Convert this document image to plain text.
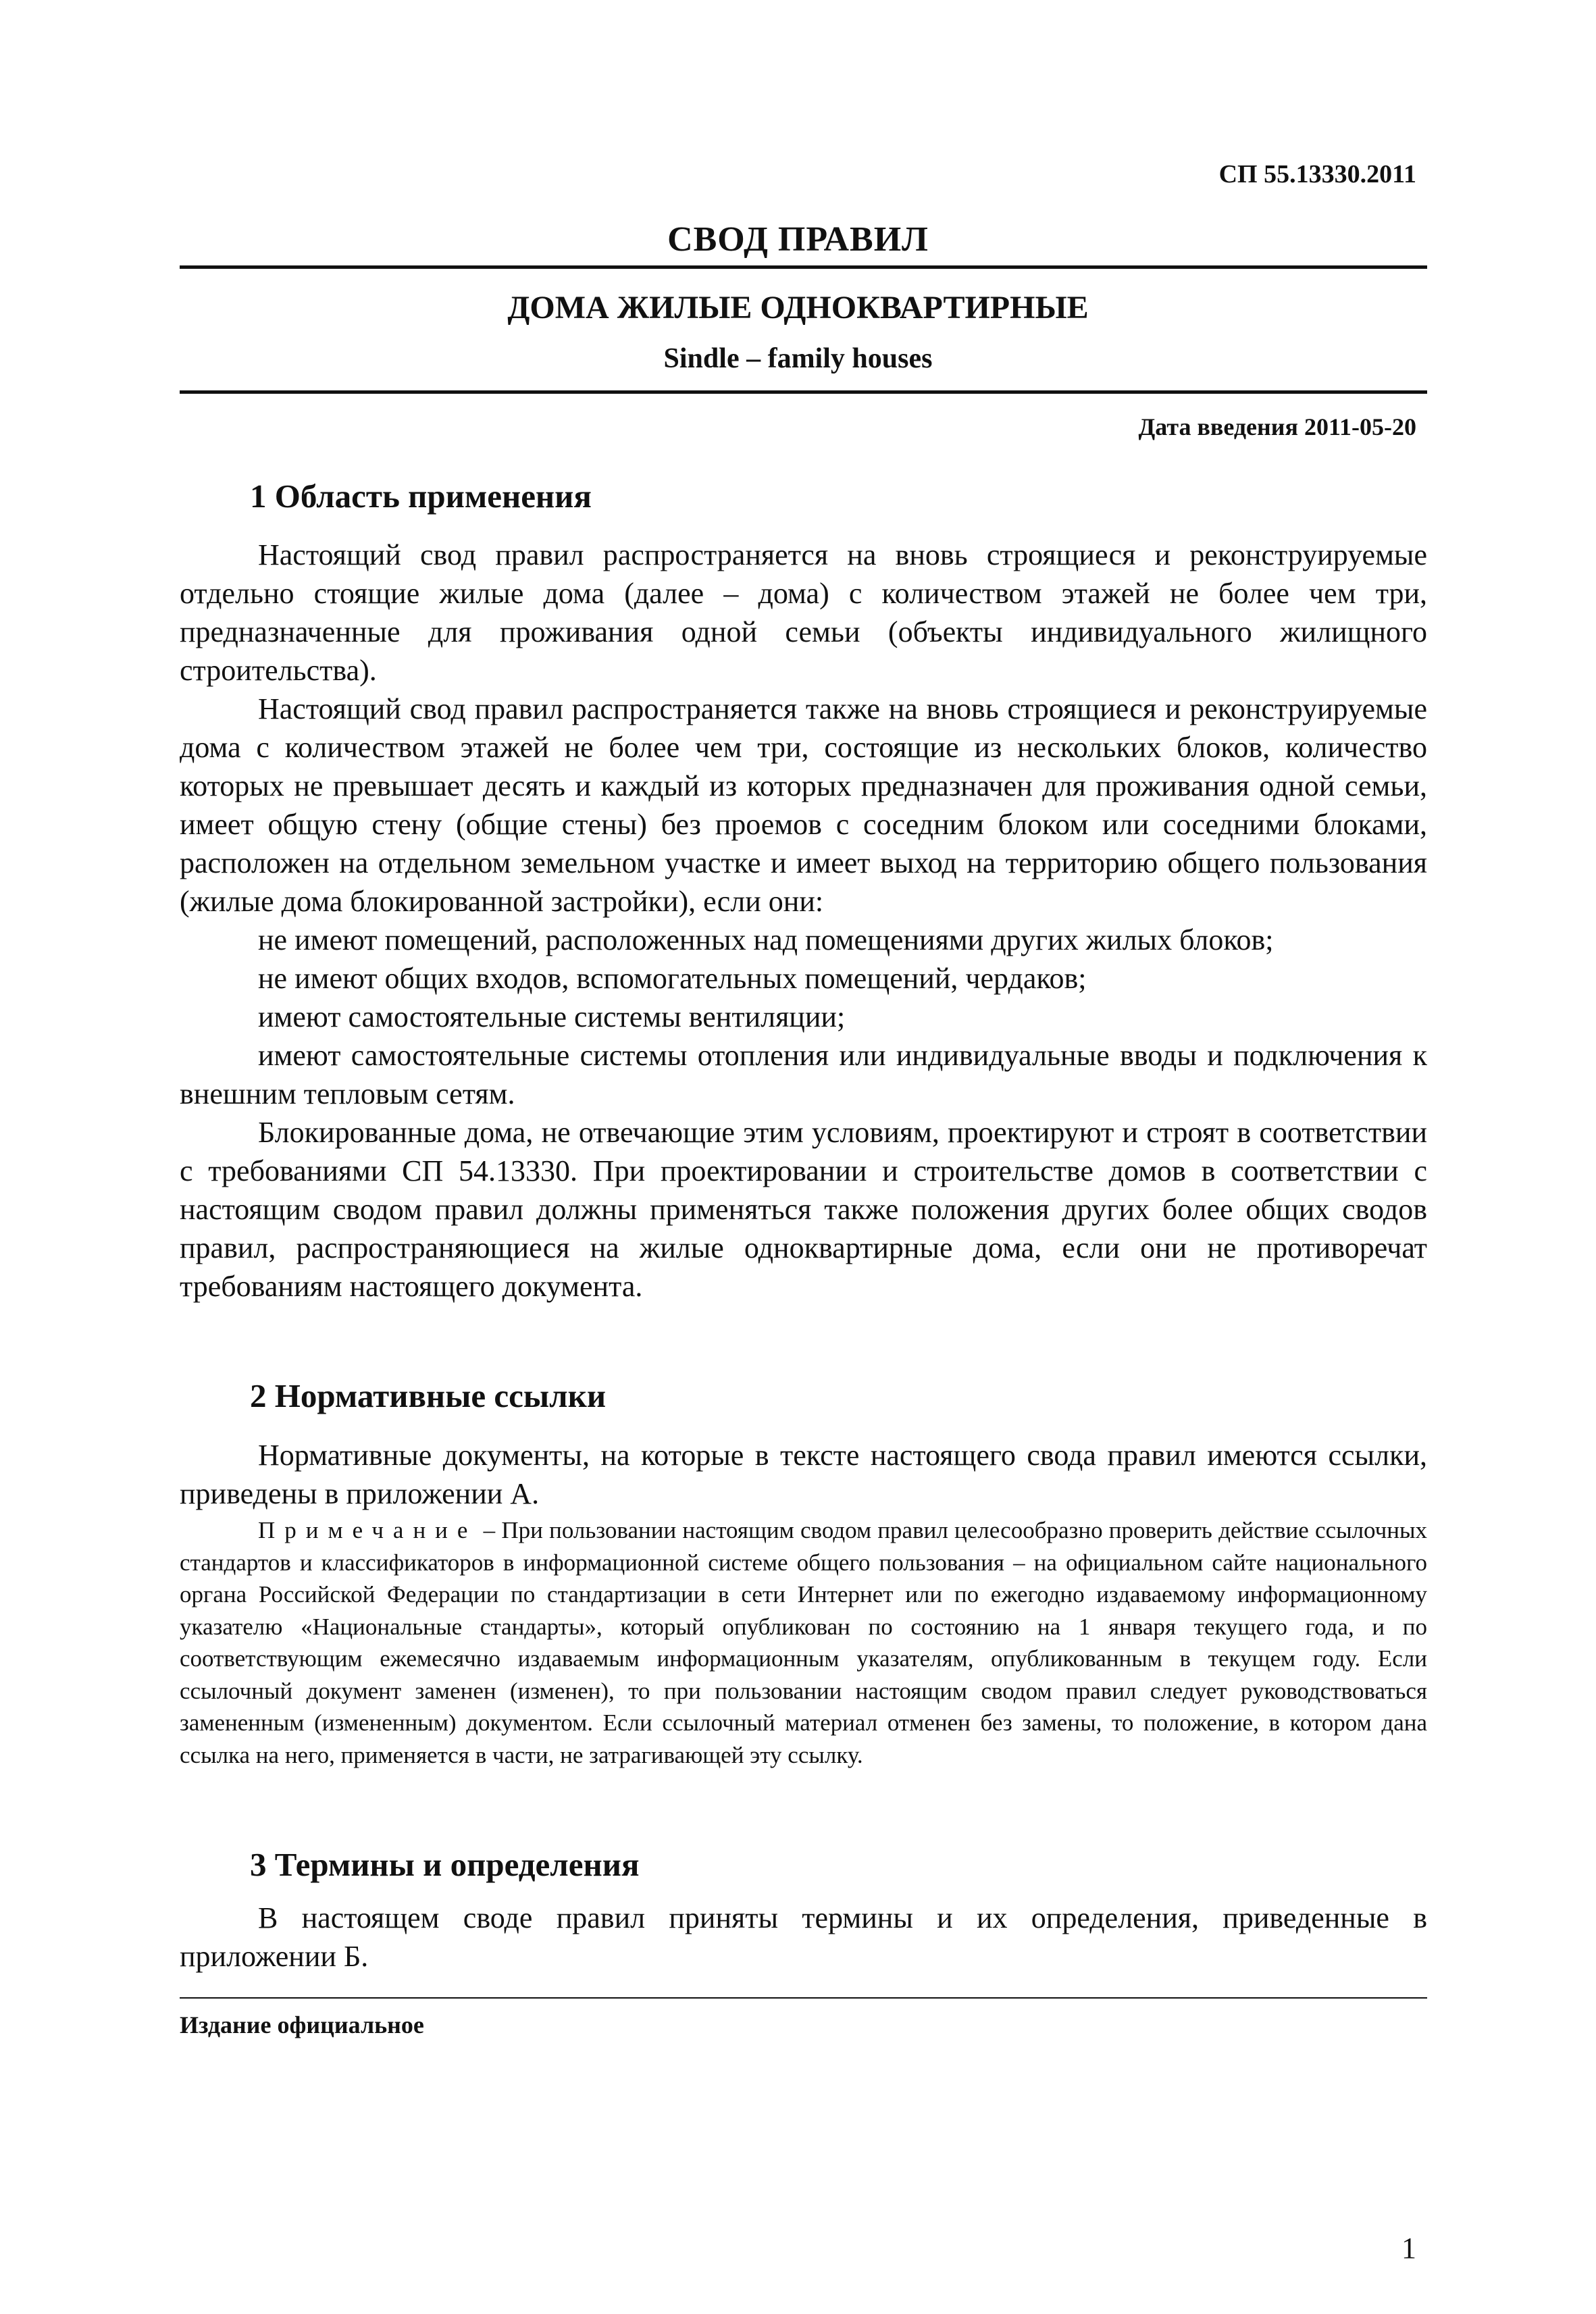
СП 55.13330.2011
СВОД ПРАВИЛ
ДОМА ЖИЛЫЕ ОДНОКВАРТИРНЫЕ
Sindle – family houses
Дата введения 2011-05-20
1 Область применения

Настоящий свод правил распространяется на вновь строящиеся и реконструируемые отдельно стоящие жилые дома (далее – дома) с количеством этажей не более чем три, предназначенные для проживания одной семьи (объекты индивидуального жилищного строительства).

Настоящий свод правил распространяется также на вновь строящиеся и реконструируемые дома с количеством этажей не более чем три, состоящие из нескольких блоков, количество которых не превышает десять и каждый из которых предназначен для проживания одной семьи, имеет общую стену (общие стены) без проемов с соседним блоком или соседними блоками, расположен на отдельном земельном участке и имеет выход на территорию общего пользования (жилые дома блокированной застройки), если они:

не имеют помещений, расположенных над помещениями других жилых блоков;

не имеют общих входов, вспомогательных помещений, чердаков;

имеют самостоятельные системы вентиляции;

имеют самостоятельные системы отопления или индивидуальные вводы и подключения к внешним тепловым сетям.

Блокированные дома, не отвечающие этим условиям, проектируют и строят в соответствии с требованиями СП 54.13330. При проектировании и строительстве домов в соответствии с настоящим сводом правил должны применяться также положения других более общих сводов правил, распространяющиеся на жилые одноквартирные дома, если они не противоречат требованиям настоящего документа.

2 Нормативные ссылки

Нормативные документы, на которые в тексте настоящего свода правил имеются ссылки, приведены в приложении А.

Примечание – При пользовании настоящим сводом правил целесообразно проверить действие ссылочных стандартов и классификаторов в информационной системе общего пользования – на официальном сайте национального органа Российской Федерации по стандартизации в сети Интернет или по ежегодно издаваемому информационному указателю «Национальные стандарты», который опубликован по состоянию на 1 января текущего года, и по соответствующим ежемесячно издаваемым информационным указателям, опубликованным в текущем году. Если ссылочный документ заменен (изменен), то при пользовании настоящим сводом правил следует руководствоваться замененным (измененным) документом. Если ссылочный материал отменен без замены, то положение, в котором дана ссылка на него, применяется в части, не затрагивающей эту ссылку.
3 Термины и определения

В настоящем своде правил приняты термины и их определения, приведенные в приложении Б.

Издание официальное
1
